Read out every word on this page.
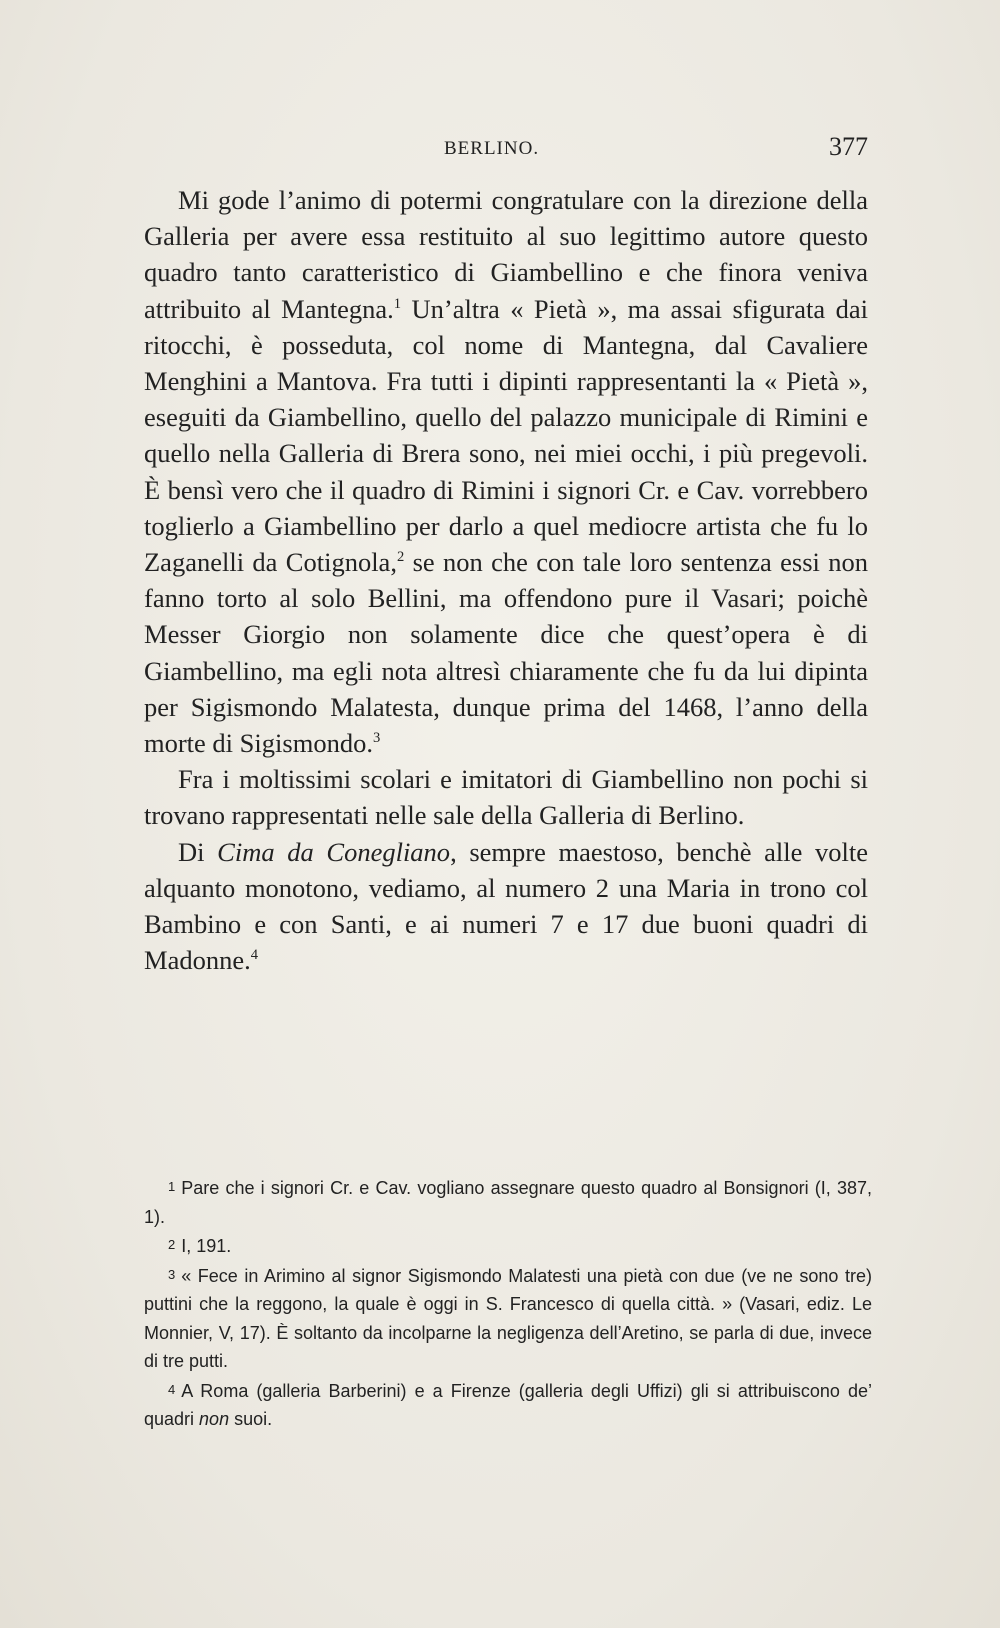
BERLINO.	377

Mi gode l’animo di potermi congratulare con la direzione della Galleria per avere essa restituito al suo legittimo autore questo quadro tanto caratteristico di Giambellino e che finora veniva attribuito al Mantegna.$^1$ Un’altra « Pietà », ma assai sfigurata dai ritocchi, è posseduta, col nome di Mantegna, dal Cavaliere Menghini a Mantova. Fra tutti i dipinti rappresentanti la « Pietà », eseguiti da Giambellino, quello del palazzo municipale di Rimini e quello nella Galleria di Brera sono, nei miei occhi, i più pregevoli. È bensì vero che il quadro di Rimini i signori Cr. e Cav. vorrebbero toglierlo a Giambellino per darlo a quel mediocre artista che fu lo Zaganelli da Cotignola,$^2$ se non che con tale loro sentenza essi non fanno torto al solo Bellini, ma offendono pure il Vasari; poichè Messer Giorgio non solamente dice che quest’opera è di Giambellino, ma egli nota altresì chiaramente che fu da lui dipinta per Sigismondo Malatesta, dunque prima del 1468, l’anno della morte di Sigismondo.$^3$

Fra i moltissimi scolari e imitatori di Giambellino non pochi si trovano rappresentati nelle sale della Galleria di Berlino.

Di Cima da Conegliano, sempre maestoso, benchè alle volte alquanto monotono, vediamo, al numero 2 una Maria in trono col Bambino e con Santi, e ai numeri 7 e 17 due buoni quadri di Madonne.$^4$

1 Pare che i signori Cr. e Cav. vogliano assegnare questo quadro al Bonsignori (I, 387, 1).

2 I, 191.

3 « Fece in Arimino al signor Sigismondo Malatesti una pietà con due (ve ne sono tre) puttini che la reggono, la quale è oggi in S. Francesco di quella città. » (Vasari, ediz. Le Monnier, V, 17). È soltanto da incolparne la negligenza dell’Aretino, se parla di due, invece di tre putti.

4 A Roma (galleria Barberini) e a Firenze (galleria degli Uffizi) gli si attribuiscono de’ quadri non suoi.
